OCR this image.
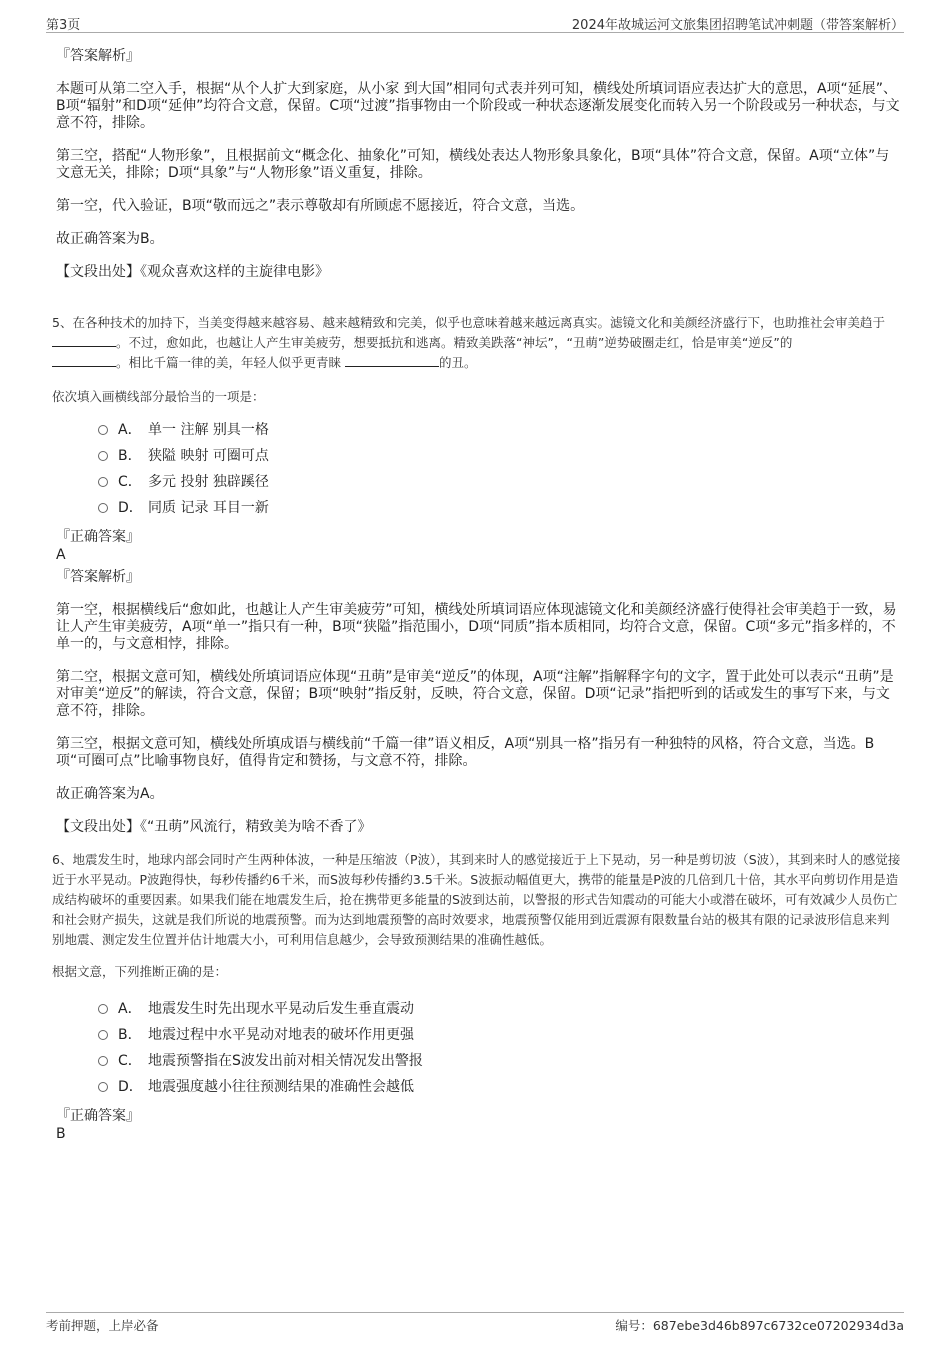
第3页	2024年故城运河文旅集团招聘笔试冲刺题（带答案解析）

『答案解析』

本题可从第二空入手，根据“从个人扩大到家庭，从小家 到大国”相同句式表并列可知，横线处所填词语应表达扩大的意思，A项“延展”、B项“辐射”和D项“延伸”均符合文意，保留。C项“过渡”指事物由一个阶段或一种状态逐渐发展变化而转入另一个阶段或另一种状态，与文意不符，排除。

第三空，搭配“人物形象”，且根据前文“概念化、抽象化”可知，横线处表达人物形象具象化，B项“具体”符合文意，保留。A项“立体”与文意无关，排除；D项“具象”与“人物形象”语义重复，排除。

第一空，代入验证，B项“敬而远之”表示尊敬却有所顾虑不愿接近，符合文意，当选。

故正确答案为B。

【文段出处】《观众喜欢这样的主旋律电影》

5、在各种技术的加持下，当美变得越来越容易、越来越精致和完美，似乎也意味着越来越远离真实。滤镜文化和美颜经济盛行下，也助推社会审美趋于 。不过，愈如此，也越让人产生审美疲劳，想要抵抗和逃离。精致美跌落“神坛”，“丑萌”逆势破圈走红，恰是审美“逆反”的
。相比千篇一律的美，年轻人似乎更青睐	的丑。

依次填入画横线部分最恰当的一项是：

A． 单一 注解 别具一格
B． 狭隘 映射 可圈可点
C． 多元 投射 独辟蹊径
D． 同质 记录 耳目一新

『正确答案』

A

『答案解析』

第一空，根据横线后“愈如此，也越让人产生审美疲劳”可知，横线处所填词语应体现滤镜文化和美颜经济盛行使得社会审美趋于一致，易让人产生审美疲劳，A项“单一”指只有一种，B项“狭隘”指范围小，D项“同质”指本质相同，均符合文意，保留。C项“多元”指多样的，不单一的，与文意相悖，排除。

第二空，根据文意可知，横线处所填词语应体现“丑萌”是审美“逆反”的体现，A项“注解”指解释字句的文字，置于此处可以表示“丑萌”是对审美“逆反”的解读，符合文意，保留；B项“映射”指反射，反映，符合文意，保留。D项“记录”指把听到的话或发生的事写下来，与文意不符，排除。

第三空，根据文意可知，横线处所填成语与横线前“千篇一律”语义相反，A项“别具一格”指另有一种独特的风格，符合文意，当选。B项“可圈可点”比喻事物良好，值得肯定和赞扬，与文意不符，排除。

故正确答案为A。

【文段出处】《“丑萌”风流行，精致美为啥不香了》

6、地震发生时，地球内部会同时产生两种体波，一种是压缩波（P波），其到来时人的感觉接近于上下晃动，另一种是剪切波（S波），其到来时人的感觉接近于水平晃动。P波跑得快，每秒传播约6千米，而S波每秒传播约3.5千米。S波振动幅值更大，携带的能量是P波的几倍到几十倍，其水平向剪切作用是造成结构破坏的重要因素。如果我们能在地震发生后，抢在携带更多能量的S波到达前，以警报的形式告知震动的可能大小或潜在破坏，可有效减少人员伤亡和社会财产损失，这就是我们所说的地震预警。而为达到地震预警的高时效要求，地震预警仅能用到近震源有限数量台站的极其有限的记录波形信息来判别地震、测定发生位置并估计地震大小，可利用信息越少，会导致预测结果的准确性越低。

根据文意，下列推断正确的是：

A． 地震发生时先出现水平晃动后发生垂直震动
B． 地震过程中水平晃动对地表的破坏作用更强
C． 地震预警指在S波发出前对相关情况发出警报
D． 地震强度越小往往预测结果的准确性会越低

『正确答案』

B

考前押题，上岸必备	编号：687ebe3d46b897c6732ce07202934d3a
